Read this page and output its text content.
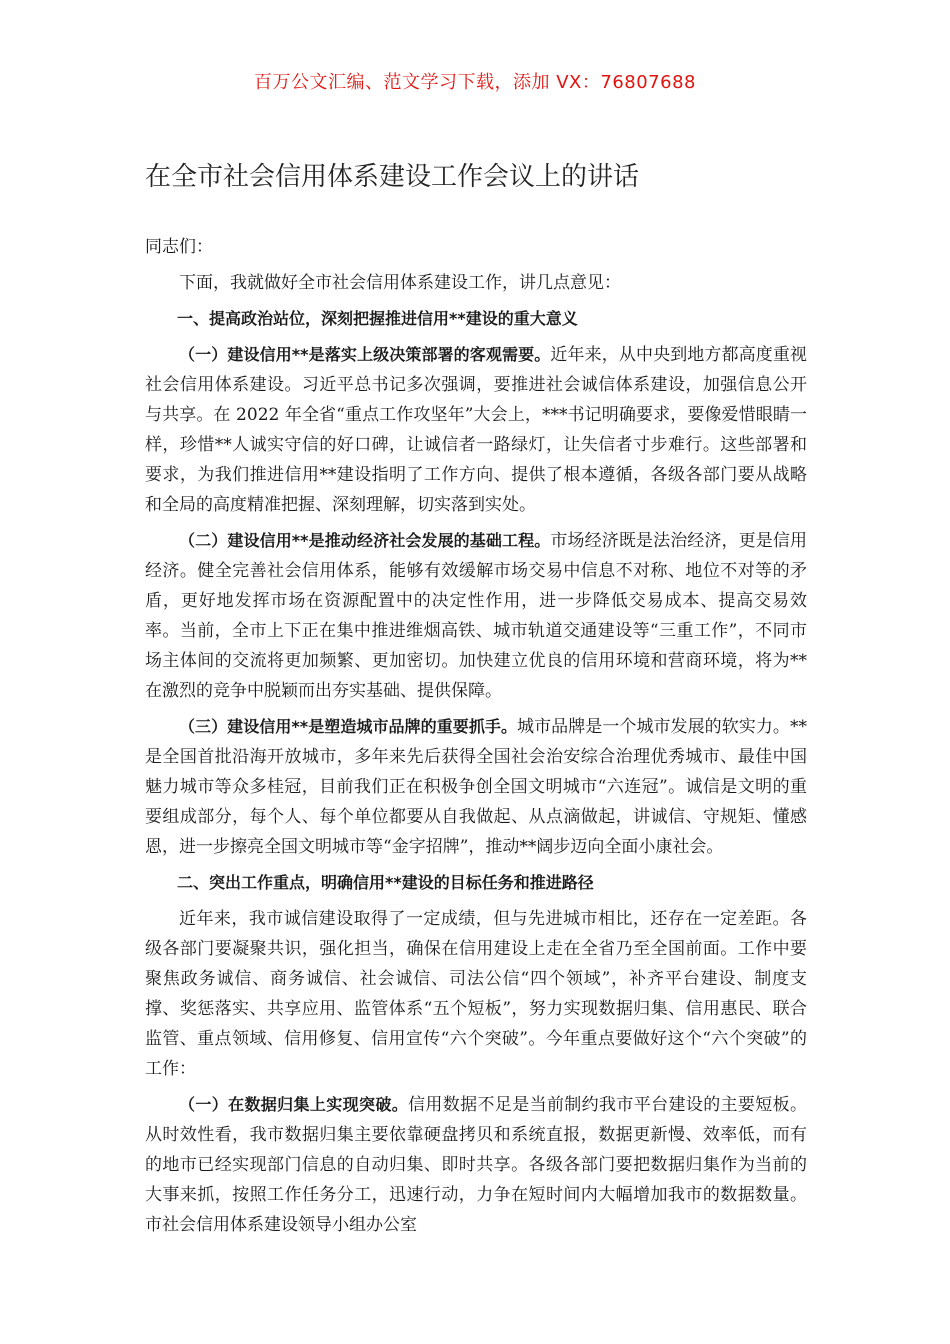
百万公文汇编、范文学习下载，添加 VX：76807688
在全市社会信用体系建设工作会议上的讲话

同志们：

下面，我就做好全市社会信用体系建设工作，讲几点意见：

一、提高政治站位，深刻把握推进信用**建设的重大意义

（一）建设信用**是落实上级决策部署的客观需要。近年来，从中央到地方都高度重视社会信用体系建设。习近平总书记多次强调，要推进社会诚信体系建设，加强信息公开与共享。在 2022 年全省“重点工作攻坚年”大会上，***书记明确要求，要像爱惜眼睛一样，珍惜**人诚实守信的好口碑，让诚信者一路绿灯，让失信者寸步难行。这些部署和要求，为我们推进信用**建设指明了工作方向、提供了根本遵循，各级各部门要从战略和全局的高度精准把握、深刻理解，切实落到实处。

（二）建设信用**是推动经济社会发展的基础工程。市场经济既是法治经济，更是信用经济。健全完善社会信用体系，能够有效缓解市场交易中信息不对称、地位不对等的矛盾，更好地发挥市场在资源配置中的决定性作用，进一步降低交易成本、提高交易效率。当前，全市上下正在集中推进维烟高铁、城市轨道交通建设等“三重工作”，不同市场主体间的交流将更加频繁、更加密切。加快建立优良的信用环境和营商环境，将为**在激烈的竞争中脱颖而出夯实基础、提供保障。

（三）建设信用**是塑造城市品牌的重要抓手。城市品牌是一个城市发展的软实力。**是全国首批沿海开放城市，多年来先后获得全国社会治安综合治理优秀城市、最佳中国魅力城市等众多桂冠，目前我们正在积极争创全国文明城市“六连冠”。诚信是文明的重要组成部分，每个人、每个单位都要从自我做起、从点滴做起，讲诚信、守规矩、懂感恩，进一步擦亮全国文明城市等“金字招牌”，推动**阔步迈向全面小康社会。

二、突出工作重点，明确信用**建设的目标任务和推进路径

近年来，我市诚信建设取得了一定成绩，但与先进城市相比，还存在一定差距。各级各部门要凝聚共识，强化担当，确保在信用建设上走在全省乃至全国前面。工作中要聚焦政务诚信、商务诚信、社会诚信、司法公信“四个领域”，补齐平台建设、制度支撑、奖惩落实、共享应用、监管体系“五个短板”，努力实现数据归集、信用惠民、联合监管、重点领域、信用修复、信用宣传“六个突破”。今年重点要做好这个“六个突破”的工作：

（一）在数据归集上实现突破。信用数据不足是当前制约我市平台建设的主要短板。从时效性看，我市数据归集主要依靠硬盘拷贝和系统直报，数据更新慢、效率低，而有的地市已经实现部门信息的自动归集、即时共享。各级各部门要把数据归集作为当前的大事来抓，按照工作任务分工，迅速行动，力争在短时间内大幅增加我市的数据数量。市社会信用体系建设领导小组办公室
